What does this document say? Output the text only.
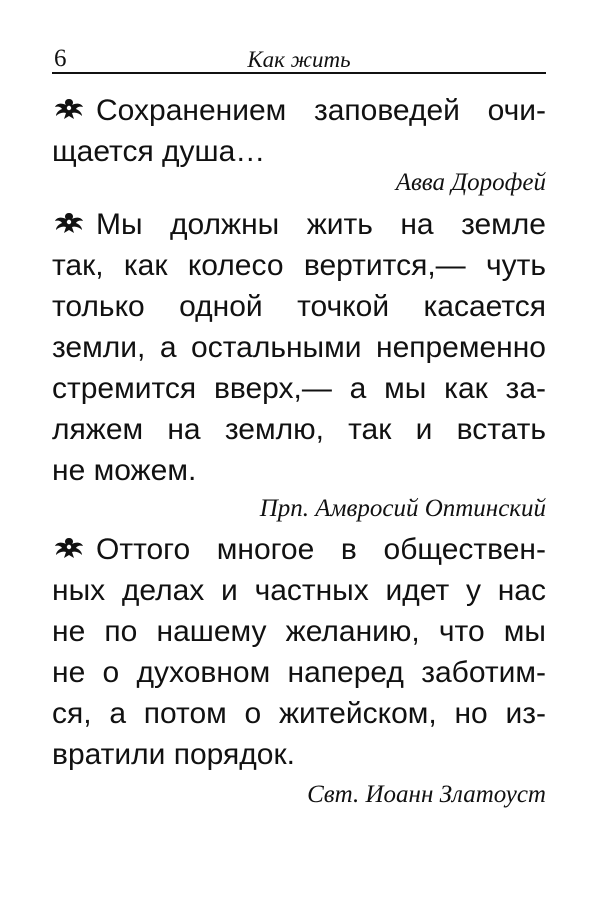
6	Как жить

Сохранением заповедей очи-
щается душа…

Авва Дорофей

Мы должны жить на земле
так, как колесо вертится,— чуть
только одной точкой касается
земли, а остальными непременно
стремится вверх,— а мы как за-
ляжем на землю, так и встать
не можем.

Прп. Амвросий Оптинский

Оттого многое в обществен-
ных делах и частных идет у нас
не по нашему желанию, что мы
не о духовном наперед заботим-
ся, а потом о житейском, но из-
вратили порядок.

Свт. Иоанн Златоуст
